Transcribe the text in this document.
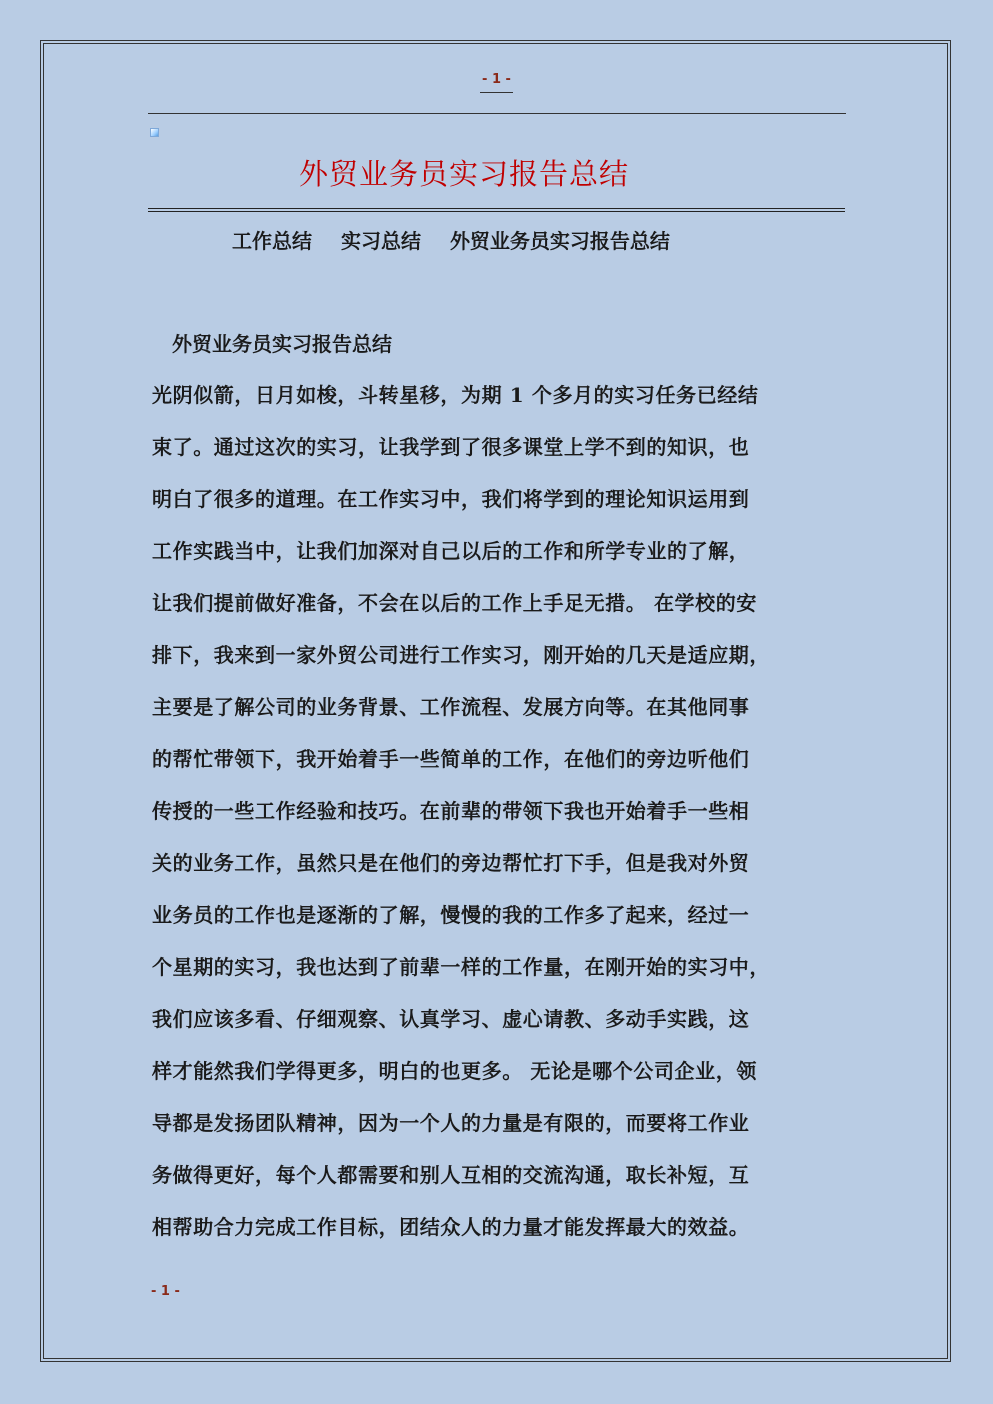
- 1 -
外贸业务员实习报告总结
工作总结 实习总结 外贸业务员实习报告总结
外贸业务员实习报告总结
光阴似箭，日月如梭，斗转星移，为期 1 个多月的实习任务已经结
束了。通过这次的实习，让我学到了很多课堂上学不到的知识，也
明白了很多的道理。在工作实习中，我们将学到的理论知识运用到
工作实践当中，让我们加深对自己以后的工作和所学专业的了解，
让我们提前做好准备，不会在以后的工作上手足无措。 在学校的安
排下，我来到一家外贸公司进行工作实习，刚开始的几天是适应期，
主要是了解公司的业务背景、工作流程、发展方向等。在其他同事
的帮忙带领下，我开始着手一些简单的工作，在他们的旁边听他们
传授的一些工作经验和技巧。在前辈的带领下我也开始着手一些相
关的业务工作，虽然只是在他们的旁边帮忙打下手，但是我对外贸
业务员的工作也是逐渐的了解，慢慢的我的工作多了起来，经过一
个星期的实习，我也达到了前辈一样的工作量，在刚开始的实习中，
我们应该多看、仔细观察、认真学习、虚心请教、多动手实践，这
样才能然我们学得更多，明白的也更多。 无论是哪个公司企业，领
导都是发扬团队精神，因为一个人的力量是有限的，而要将工作业
务做得更好，每个人都需要和别人互相的交流沟通，取长补短，互
相帮助合力完成工作目标，团结众人的力量才能发挥最大的效益。
- 1 -
